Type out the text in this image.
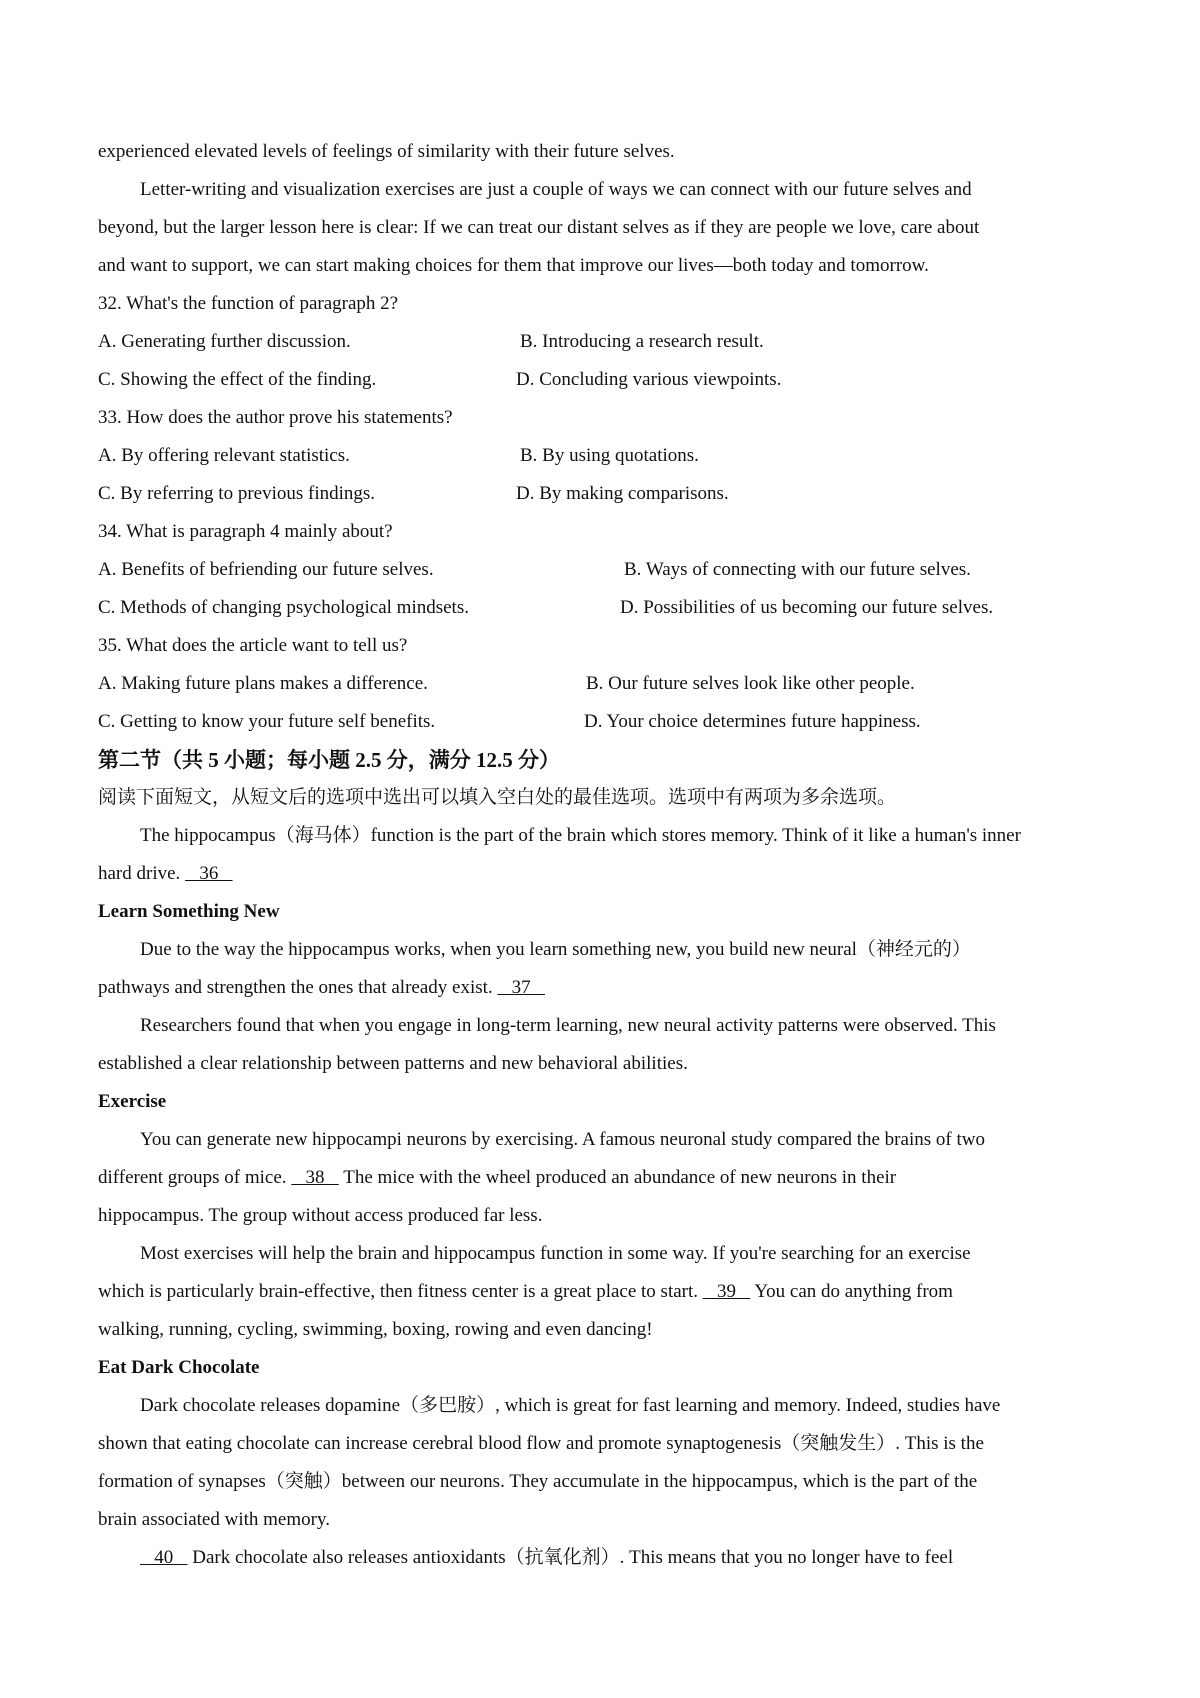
experienced elevated levels of feelings of similarity with their future selves.

Letter-writing and visualization exercises are just a couple of ways we can connect with our future selves and

beyond, but the larger lesson here is clear: If we can treat our distant selves as if they are people we love, care about

and want to support, we can start making choices for them that improve our lives—both today and tomorrow.

32. What's the function of paragraph 2?

A. Generating further discussion.	B. Introducing a research result.
C. Showing the effect of the finding.	D. Concluding various viewpoints.

33. How does the author prove his statements?

A. By offering relevant statistics.	B. By using quotations.
C. By referring to previous findings.	D. By making comparisons.

34. What is paragraph 4 mainly about?

A. Benefits of befriending our future selves.	B. Ways of connecting with our future selves.
C. Methods of changing psychological mindsets.	D. Possibilities of us becoming our future selves.

35. What does the article want to tell us?

A. Making future plans makes a difference.	B. Our future selves look like other people.
C. Getting to know your future self benefits.	D. Your choice determines future happiness.

第二节（共 5 小题；每小题 2.5 分，满分 12.5 分）

阅读下面短文，从短文后的选项中选出可以填入空白处的最佳选项。选项中有两项为多余选项。

The hippocampus（海马体）function is the part of the brain which stores memory. Think of it like a human's inner

hard drive.    36

Learn Something New

Due to the way the hippocampus works, when you learn something new, you build new neural（神经元的）

pathways and strengthen the ones that already exist.    37

Researchers found that when you engage in long-term learning, new neural activity patterns were observed. This

established a clear relationship between patterns and new behavioral abilities.

Exercise

You can generate new hippocampi neurons by exercising. A famous neuronal study compared the brains of two

different groups of mice.    38    The mice with the wheel produced an abundance of new neurons in their

hippocampus. The group without access produced far less.

Most exercises will help the brain and hippocampus function in some way. If you're searching for an exercise

which is particularly brain-effective, then fitness center is a great place to start.    39    You can do anything from

walking, running, cycling, swimming, boxing, rowing and even dancing!

Eat Dark Chocolate

Dark chocolate releases dopamine（多巴胺）, which is great for fast learning and memory. Indeed, studies have

shown that eating chocolate can increase cerebral blood flow and promote synaptogenesis（突触发生）. This is the

formation of synapses（突触）between our neurons. They accumulate in the hippocampus, which is the part of the

brain associated with memory.

40    Dark chocolate also releases antioxidants（抗氧化剂）. This means that you no longer have to feel
